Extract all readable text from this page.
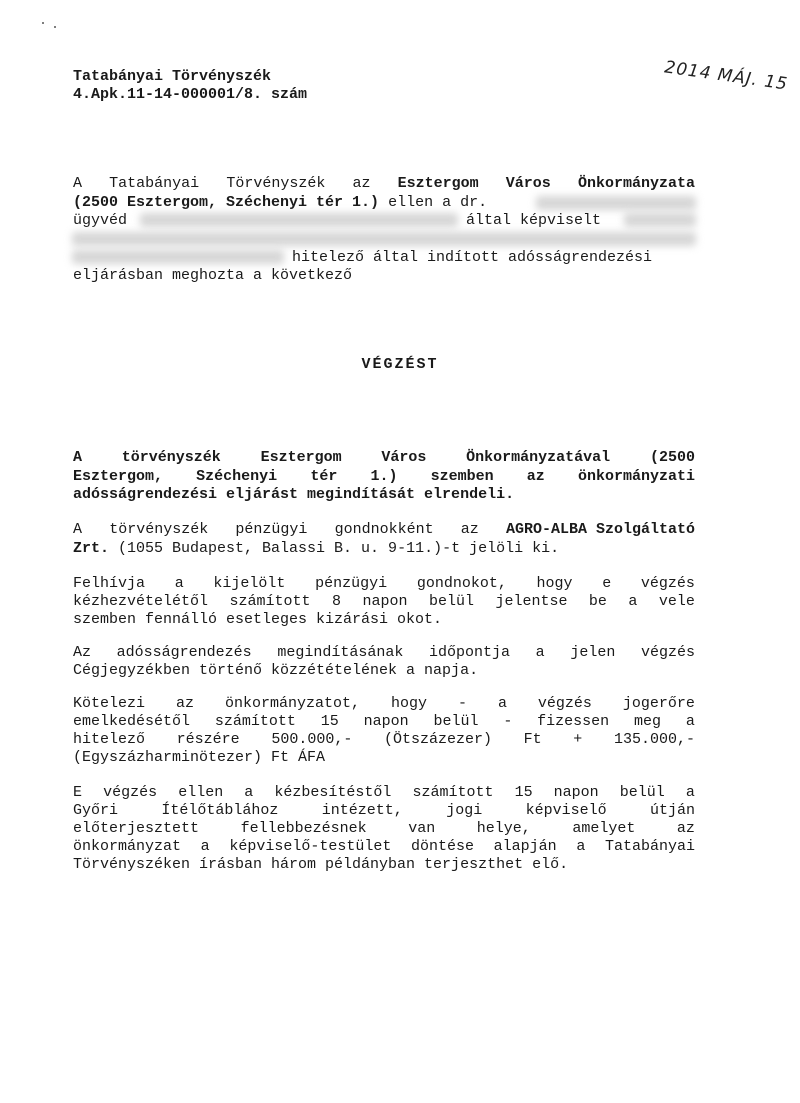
Tatabányai Törvényszék
4.Apk.11-14-000001/8. szám	2014 MÁJ. 15
A Tatabányai Törvényszék az Esztergom Város Önkormányzata
(2500 Esztergom, Széchenyi tér 1.) ellen a dr.
ügyvéd	által képviselt
hitelező által indított adósságrendezési
eljárásban meghozta a következő
VÉGZÉST
A	törvényszék	Esztergom	Város	Önkormányzatával	(2500
Esztergom, Széchenyi tér 1.) szemben az önkormányzati
adósságrendezési eljárást megindítását elrendeli.
A törvényszék pénzügyi gondnokként az AGRO-ALBA Szolgáltató
Zrt. (1055 Budapest, Balassi B. u. 9-11.)-t jelöli ki.
Felhívja a kijelölt pénzügyi gondnokot, hogy e végzés
kézhezvételétől számított 8 napon belül jelentse be a vele
szemben fennálló esetleges kizárási okot.
Az adósságrendezés megindításának időpontja a jelen végzés
Cégjegyzékben történő közzétételének a napja.
Kötelezi az önkormányzatot, hogy - a végzés jogerőre
emelkedésétől számított 15 napon belül - fizessen meg a
hitelező részére 500.000,- (Ötszázezer) Ft + 135.000,-
(Egyszázharminötezer) Ft ÁFA
E végzés ellen a kézbesítéstől számított 15 napon belül a
Győri	Ítélőtáblához	intézett,	jogi	képviselő	útján
előterjesztett	fellebbezésnek	van	helye,	amelyet	az
önkormányzat a képviselő-testület döntése alapján a Tatabányai
Törvényszéken írásban három példányban terjeszthet elő.
